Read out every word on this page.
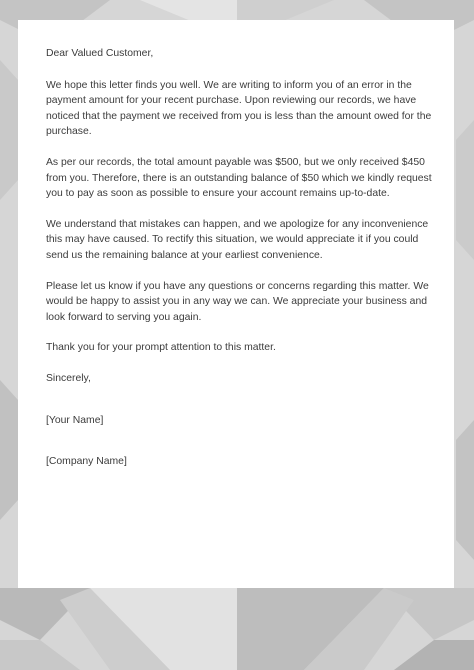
Dear Valued Customer,

We hope this letter finds you well. We are writing to inform you of an error in the payment amount for your recent purchase. Upon reviewing our records, we have noticed that the payment we received from you is less than the amount owed for the purchase.

As per our records, the total amount payable was $500, but we only received $450 from you. Therefore, there is an outstanding balance of $50 which we kindly request you to pay as soon as possible to ensure your account remains up-to-date.

We understand that mistakes can happen, and we apologize for any inconvenience this may have caused. To rectify this situation, we would appreciate it if you could send us the remaining balance at your earliest convenience.

Please let us know if you have any questions or concerns regarding this matter. We would be happy to assist you in any way we can. We appreciate your business and look forward to serving you again.

Thank you for your prompt attention to this matter.

Sincerely,

[Your Name]

[Company Name]
